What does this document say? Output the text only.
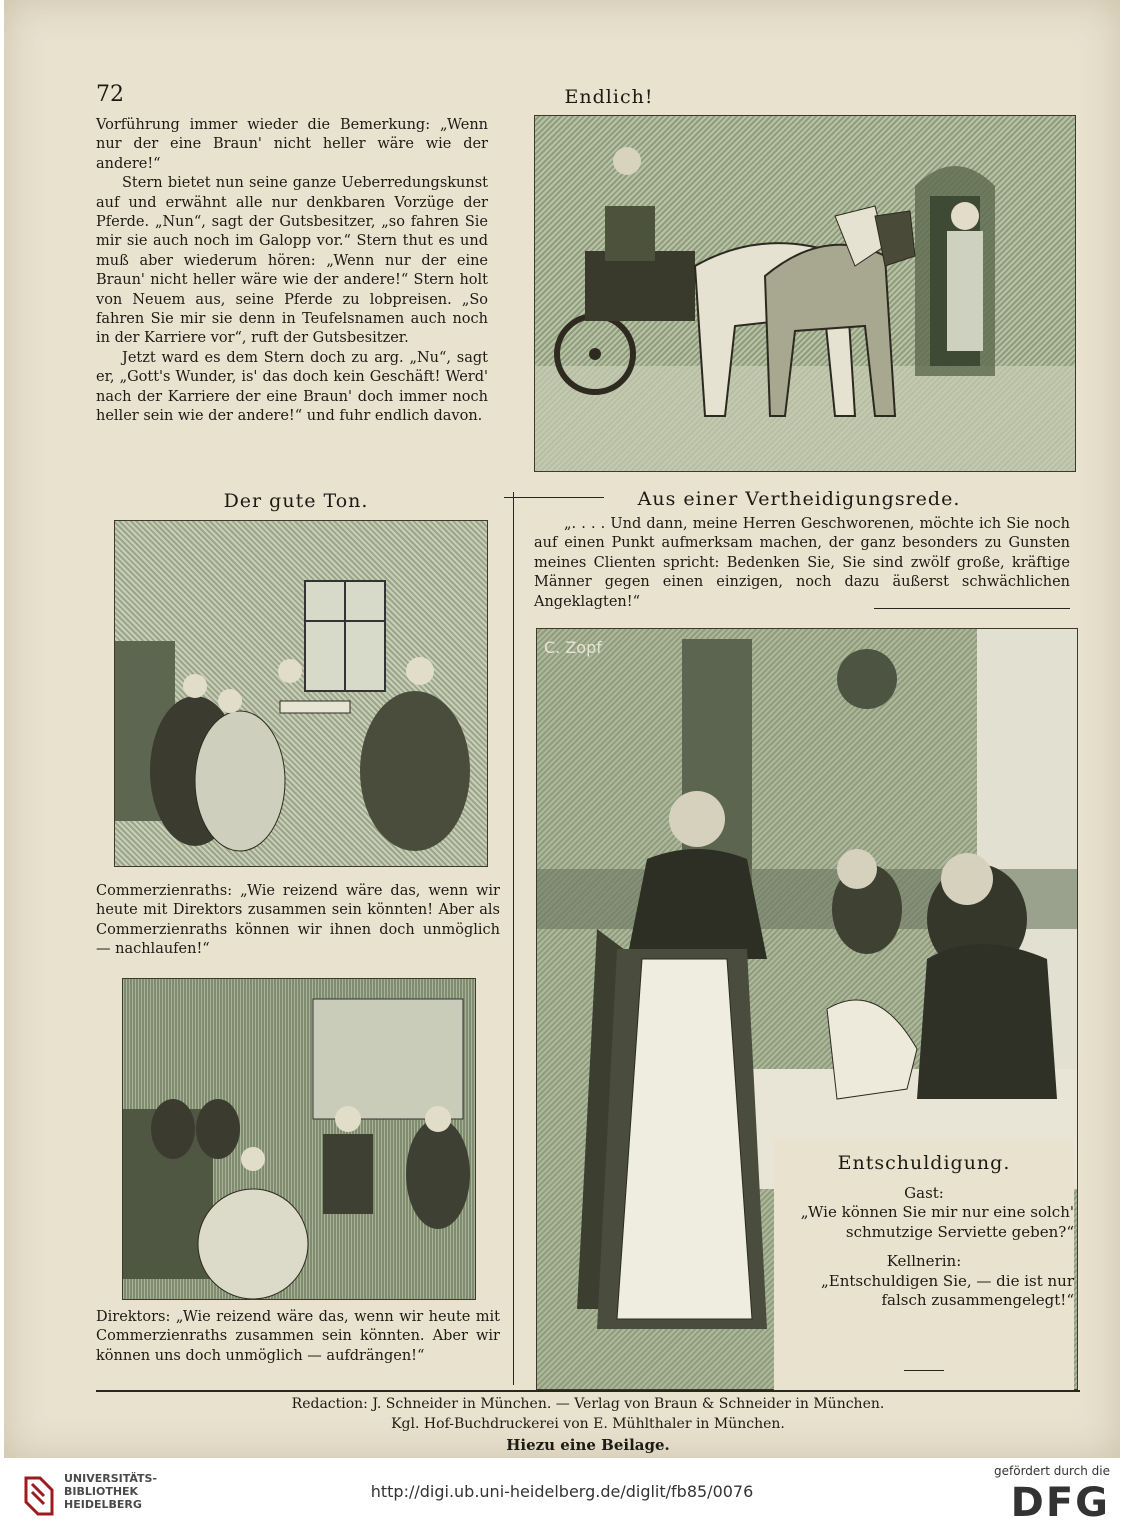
72

Vorführung immer wieder die Bemerkung: „Wenn nur der eine Braun' nicht heller wäre wie der andere!“

Stern bietet nun seine ganze Ueberredungskunst auf und erwähnt alle nur denkbaren Vorzüge der Pferde. „Nun“, sagt der Gutsbesitzer, „so fahren Sie mir sie auch noch im Galopp vor.“ Stern thut es und muß aber wiederum hören: „Wenn nur der eine Braun' nicht heller wäre wie der andere!“ Stern holt von Neuem aus, seine Pferde zu lobpreisen. „So fahren Sie mir sie denn in Teufelsnamen auch noch in der Karriere vor“, ruft der Gutsbesitzer.

Jetzt ward es dem Stern doch zu arg. „Nu“, sagt er, „Gott's Wunder, is' das doch kein Geschäft! Werd' nach der Karriere der eine Braun' doch immer noch heller sein wie der andere!“ und fuhr endlich davon.

Endlich!
Der gute Ton.
Commerzienraths: „Wie reizend wäre das, wenn wir heute mit Direktors zusammen sein könnten! Aber als Commerzienraths können wir ihnen doch unmöglich — nachlaufen!“
Direktors: „Wie reizend wäre das, wenn wir heute mit Commerzienraths zusammen sein könnten. Aber wir können uns doch unmöglich — aufdrängen!“
Aus einer Vertheidigungsrede.
„. . . . Und dann, meine Herren Geschworenen, möchte ich Sie noch auf einen Punkt aufmerksam machen, der ganz besonders zu Gunsten meines Clienten spricht: Bedenken Sie, Sie sind zwölf große, kräftige Männer gegen einen einzigen, noch dazu äußerst schwächlichen Angeklagten!“
C. Zopf
Entschuldigung.
Gast:
„Wie können Sie mir nur eine solch' schmutzige Serviette geben?“
Kellnerin:
„Entschuldigen Sie, — die ist nur falsch zusammengelegt!“
Redaction: J. Schneider in München. — Verlag von Braun & Schneider in München.
Kgl. Hof-Buchdruckerei von E. Mühlthaler in München.
Hiezu eine Beilage.
UNIVERSITÄTS-
BIBLIOTHEK
HEIDELBERG
http://digi.ub.uni-heidelberg.de/diglit/fb85/0076
gefördert durch die
DFG
